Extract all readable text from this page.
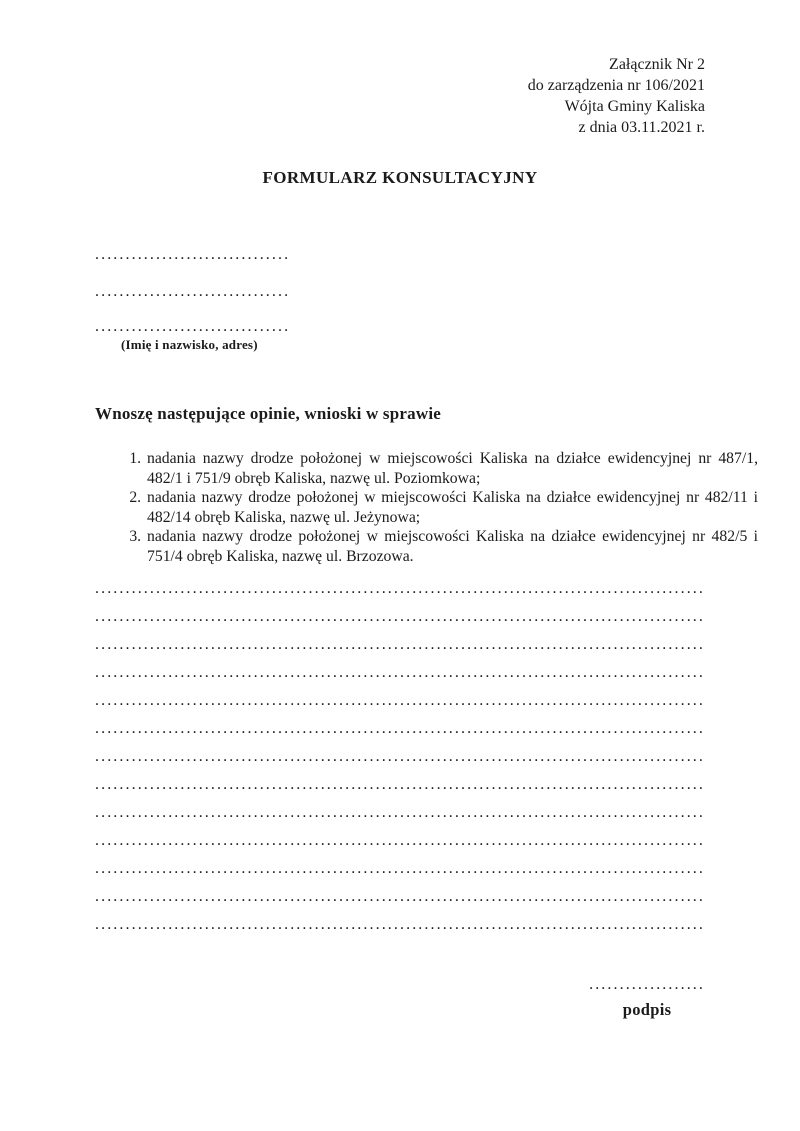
Załącznik Nr 2
do zarządzenia nr 106/2021
Wójta Gminy Kaliska
z dnia 03.11.2021 r.
FORMULARZ KONSULTACYJNY
................................
................................
................................
(Imię i nazwisko, adres)
Wnoszę następujące opinie, wnioski w sprawie
1. nadania nazwy drodze położonej w miejscowości Kaliska na działce ewidencyjnej nr 487/1, 482/1 i 751/9 obręb Kaliska, nazwę ul. Poziomkowa;
2. nadania nazwy drodze położonej w miejscowości Kaliska na działce ewidencyjnej nr 482/11 i 482/14 obręb Kaliska, nazwę ul. Jeżynowa;
3. nadania nazwy drodze położonej w miejscowości Kaliska na działce ewidencyjnej nr 482/5 i 751/4 obręb Kaliska, nazwę ul. Brzozowa.
....................................................................................................
....................................................................................................
....................................................................................................
....................................................................................................
....................................................................................................
....................................................................................................
....................................................................................................
....................................................................................................
....................................................................................................
....................................................................................................
....................................................................................................
....................................................................................................
....................................................................................................
...................
podpis
